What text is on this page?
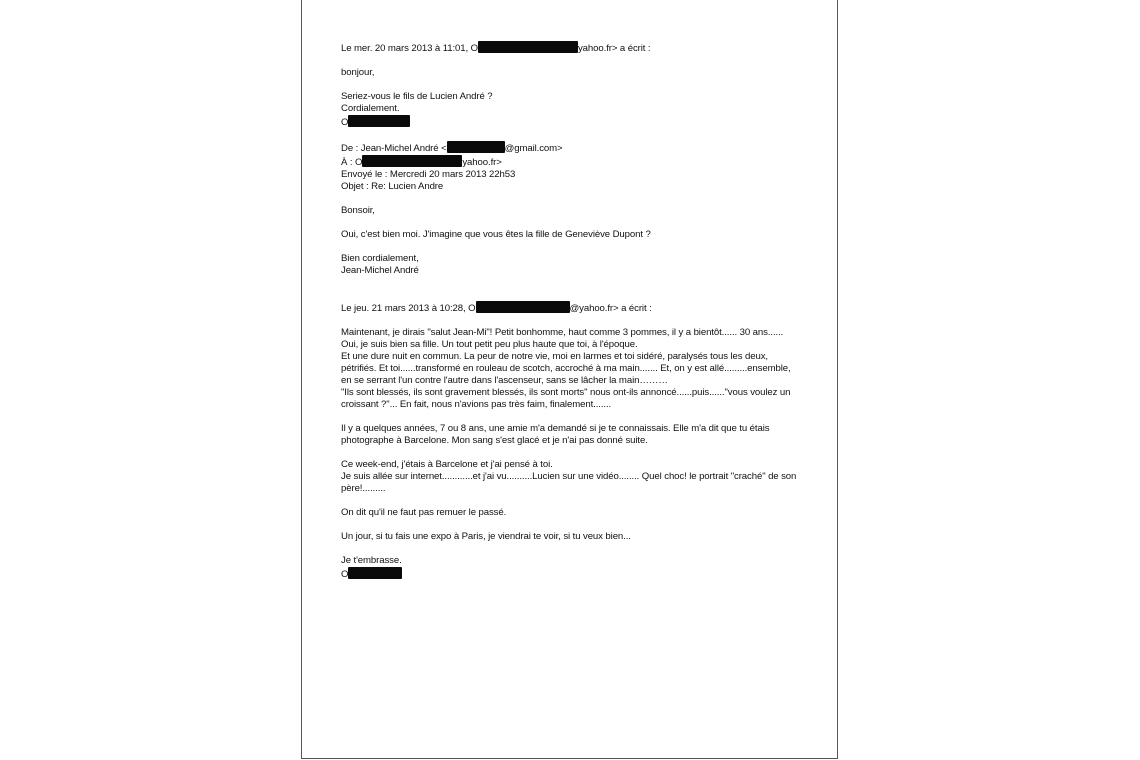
Le mer. 20 mars 2013 à 11:01, O	yahoo.fr> a écrit :
bonjour,
Seriez-vous le fils de Lucien André ?
Cordialement.
O
De : Jean-Michel André <	@gmail.com>
À : O	yahoo.fr>
Envoyé le : Mercredi 20 mars 2013 22h53
Objet : Re: Lucien Andre
Bonsoir,
Oui, c'est bien moi. J'imagine que vous êtes la fille de Geneviève Dupont ?
Bien cordialement,
Jean-Michel André
Le jeu. 21 mars 2013 à 10:28, O	@yahoo.fr> a écrit :
Maintenant, je dirais "salut Jean-Mi"! Petit bonhomme, haut comme 3 pommes, il y a bientôt...... 30 ans......
Oui, je suis bien sa fille. Un tout petit peu plus haute que toi, à l'époque.
Et une dure nuit en commun. La peur de notre vie, moi en larmes et toi sidéré, paralysés tous les deux,
pétrifiés. Et toi......transformé en rouleau de scotch, accroché à ma main....... Et, on y est allé.........ensemble,
en se serrant l'un contre l'autre dans l'ascenseur, sans se lâcher la main………
"Ils sont blessés, ils sont gravement blessés, ils sont morts" nous ont-ils annoncé......puis......"vous voulez un
croissant ?"... En fait, nous n'avions pas très faim, finalement.......
Il y a quelques années, 7 ou 8 ans, une amie m'a demandé si je te connaissais. Elle m'a dit que tu étais
photographe à Barcelone. Mon sang s'est glacé et je n'ai pas donné suite.
Ce week-end, j'étais à Barcelone et j'ai pensé à toi.
Je suis allée sur internet............et j'ai vu..........Lucien sur une vidéo........ Quel choc! le portrait "craché" de son
père!.........
On dit qu'il ne faut pas remuer le passé.
Un jour, si tu fais une expo à Paris, je viendrai te voir, si tu veux bien...
Je t'embrasse.
O
